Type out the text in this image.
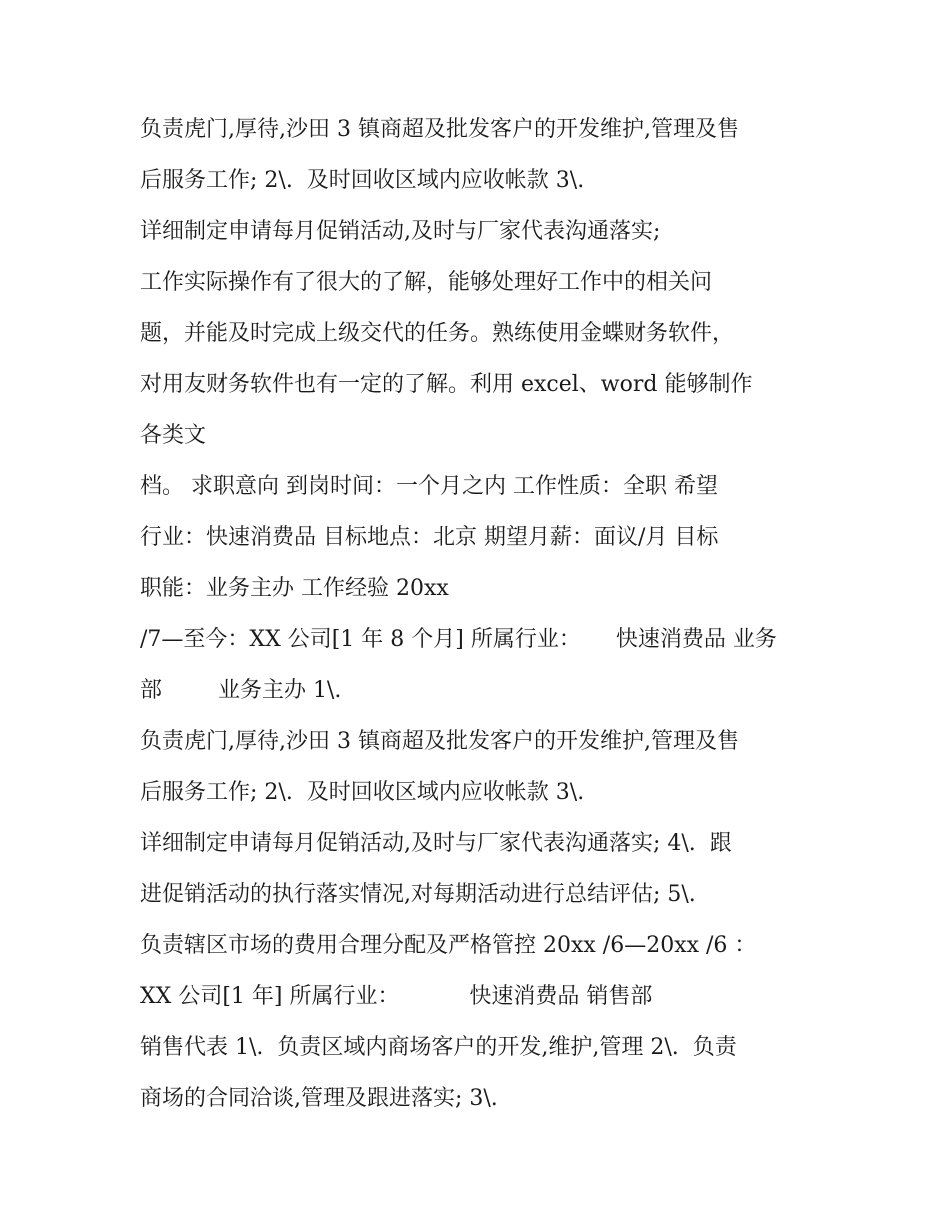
负责虎门,厚待,沙田 3 镇商超及批发客户的开发维护,管理及售
后服务工作; 2\.  及时回收区域内应收帐款 3\.
详细制定申请每月促销活动,及时与厂家代表沟通落实;
工作实际操作有了很大的了解，能够处理好工作中的相关问
题，并能及时完成上级交代的任务。熟练使用金蝶财务软件，
对用友财务软件也有一定的了解。利用 excel、word 能够制作
各类文
档。 求职意向 到岗时间：一个月之内 工作性质：全职 希望
行业：快速消费品 目标地点：北京 期望月薪：面议/月 目标
职能：业务主办 工作经验 20xx
/7—至今：XX 公司[1 年 8 个月] 所属行业：     快速消费品 业务
部        业务主办 1\.
负责虎门,厚待,沙田 3 镇商超及批发客户的开发维护,管理及售
后服务工作; 2\.  及时回收区域内应收帐款 3\.
详细制定申请每月促销活动,及时与厂家代表沟通落实; 4\.  跟
进促销活动的执行落实情况,对每期活动进行总结评估; 5\.
负责辖区市场的费用合理分配及严格管控 20xx /6—20xx /6 ：
XX 公司[1 年] 所属行业：          快速消费品 销售部
销售代表 1\.  负责区域内商场客户的开发,维护,管理 2\.  负责
商场的合同洽谈,管理及跟进落实; 3\.
